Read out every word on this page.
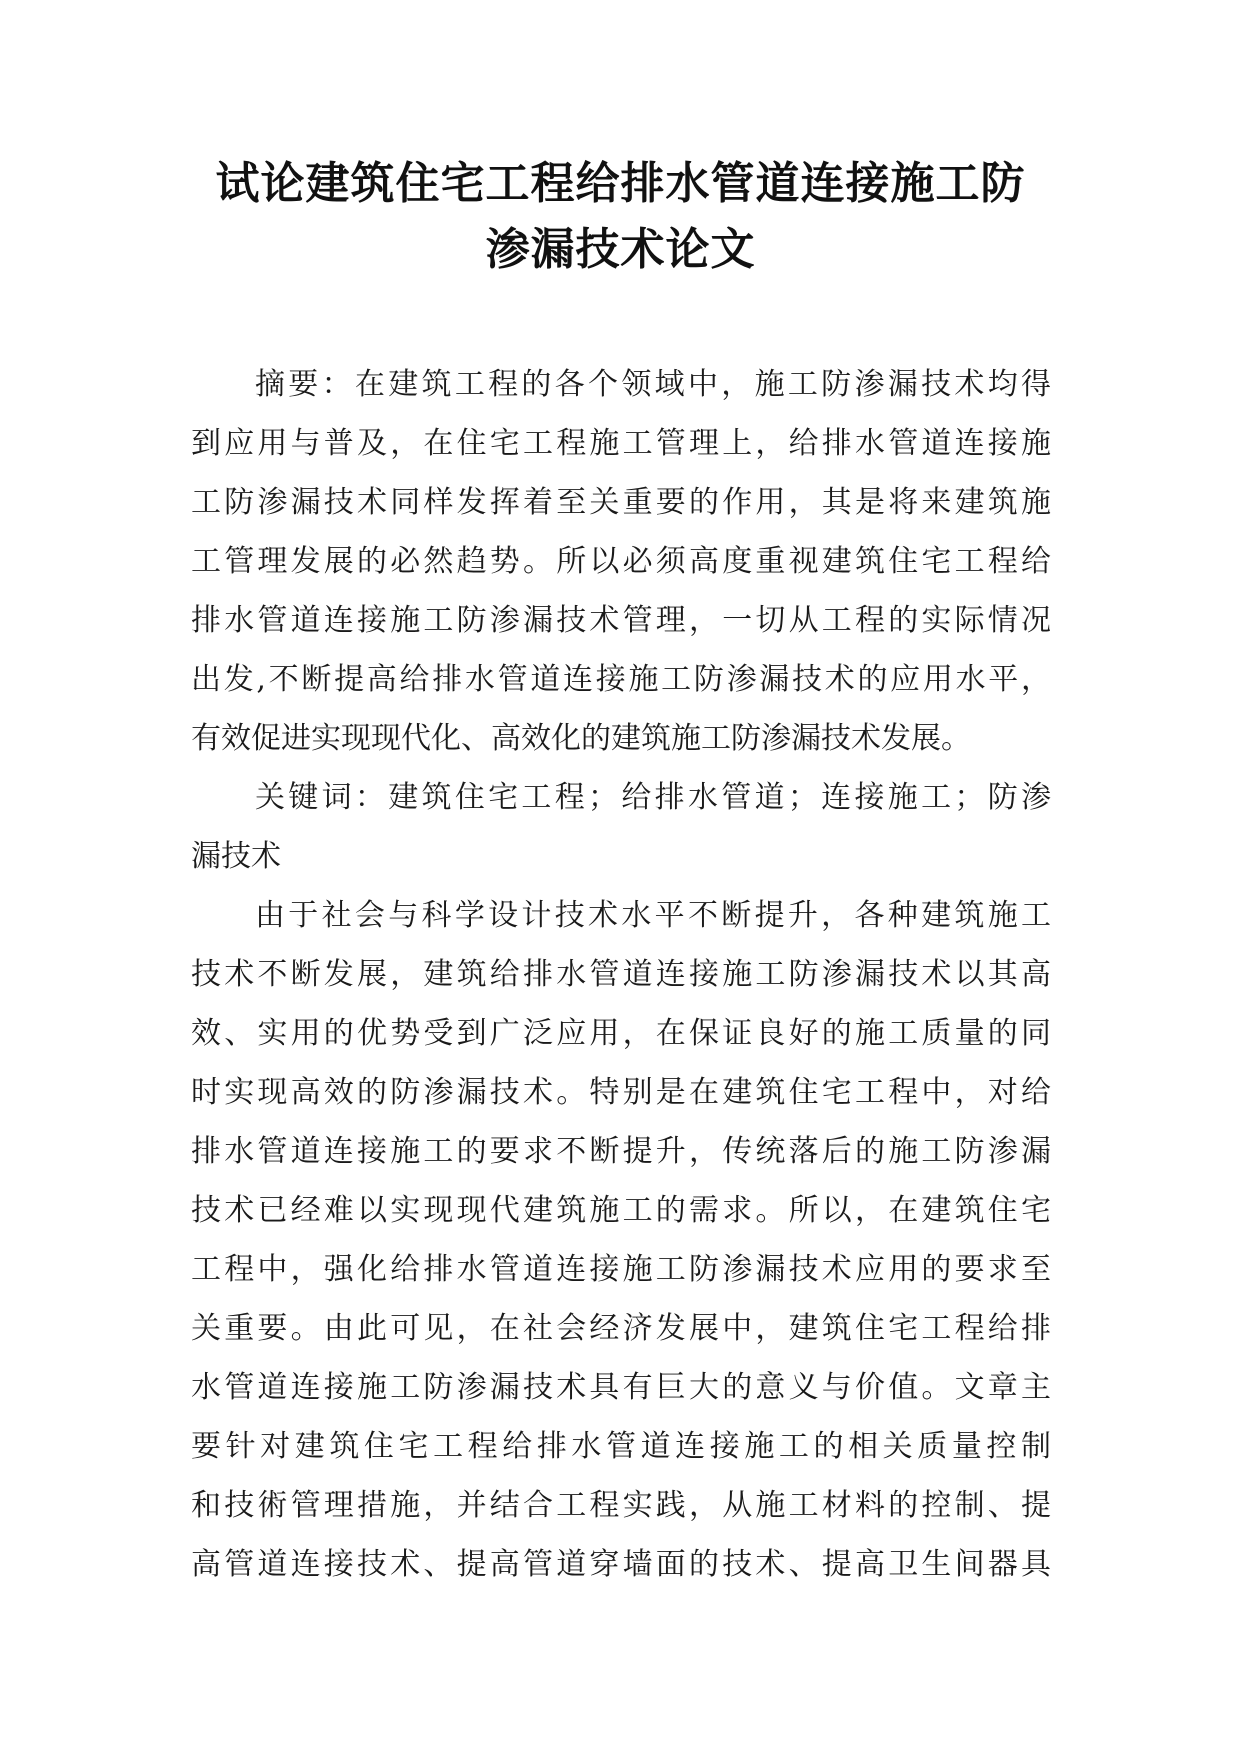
试论建筑住宅工程给排水管道连接施工防
渗漏技术论文
摘要：在建筑工程的各个领域中，施工防渗漏技术均得
到应用与普及，在住宅工程施工管理上，给排水管道连接施
工防渗漏技术同样发挥着至关重要的作用，其是将来建筑施
工管理发展的必然趋势。所以必须高度重视建筑住宅工程给
排水管道连接施工防渗漏技术管理，一切从工程的实际情况
出发,不断提高给排水管道连接施工防渗漏技术的应用水平，
有效促进实现现代化、高效化的建筑施工防渗漏技术发展。
关键词：建筑住宅工程；给排水管道；连接施工；防渗
漏技术
由于社会与科学设计技术水平不断提升，各种建筑施工
技术不断发展，建筑给排水管道连接施工防渗漏技术以其高
效、实用的优势受到广泛应用，在保证良好的施工质量的同
时实现高效的防渗漏技术。特别是在建筑住宅工程中，对给
排水管道连接施工的要求不断提升，传统落后的施工防渗漏
技术已经难以实现现代建筑施工的需求。所以，在建筑住宅
工程中，强化给排水管道连接施工防渗漏技术应用的要求至
关重要。由此可见，在社会经济发展中，建筑住宅工程给排
水管道连接施工防渗漏技术具有巨大的意义与价值。文章主
要针对建筑住宅工程给排水管道连接施工的相关质量控制
和技術管理措施，并结合工程实践，从施工材料的控制、提
高管道连接技术、提高管道穿墙面的技术、提高卫生间器具
